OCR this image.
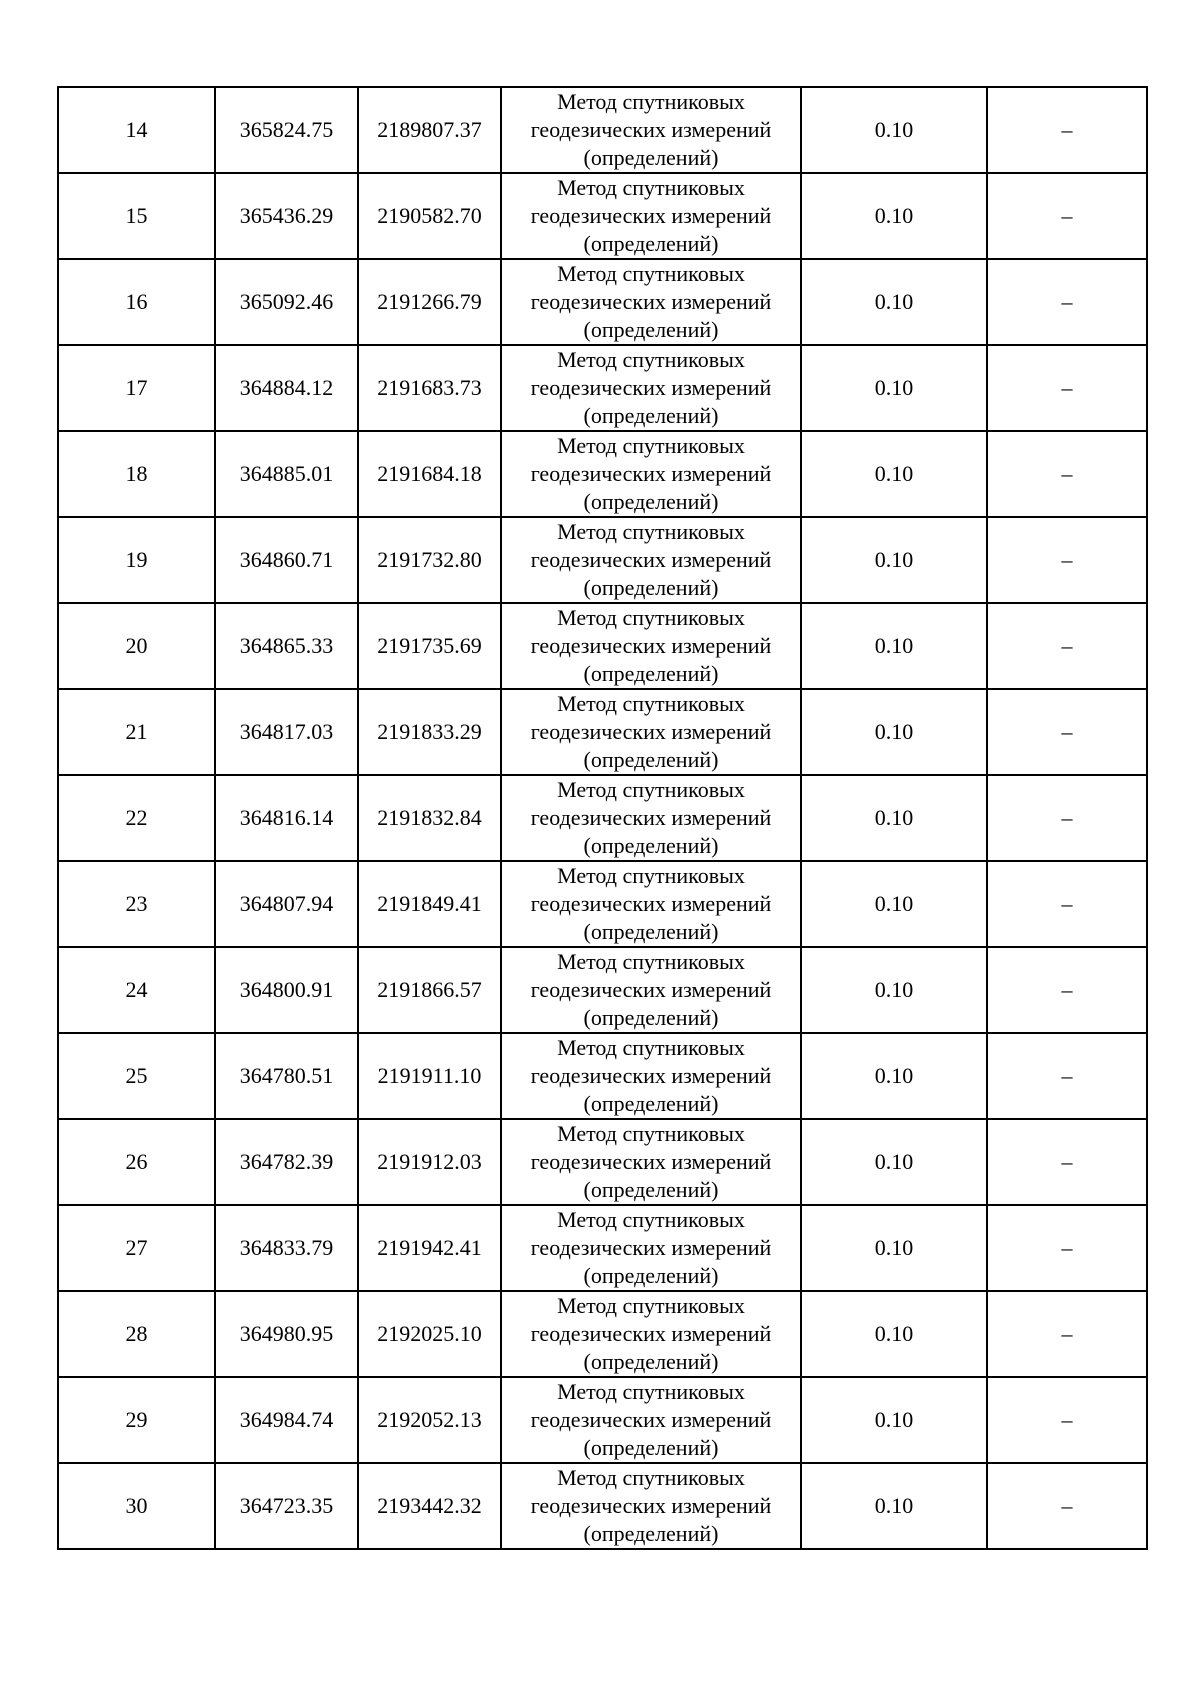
14	365824.75	2189807.37	Метод спутниковых
геодезических измерений
(определений)	0.10	–
15	365436.29	2190582.70	Метод спутниковых
геодезических измерений
(определений)	0.10	–
16	365092.46	2191266.79	Метод спутниковых
геодезических измерений
(определений)	0.10	–
17	364884.12	2191683.73	Метод спутниковых
геодезических измерений
(определений)	0.10	–
18	364885.01	2191684.18	Метод спутниковых
геодезических измерений
(определений)	0.10	–
19	364860.71	2191732.80	Метод спутниковых
геодезических измерений
(определений)	0.10	–
20	364865.33	2191735.69	Метод спутниковых
геодезических измерений
(определений)	0.10	–
21	364817.03	2191833.29	Метод спутниковых
геодезических измерений
(определений)	0.10	–
22	364816.14	2191832.84	Метод спутниковых
геодезических измерений
(определений)	0.10	–
23	364807.94	2191849.41	Метод спутниковых
геодезических измерений
(определений)	0.10	–
24	364800.91	2191866.57	Метод спутниковых
геодезических измерений
(определений)	0.10	–
25	364780.51	2191911.10	Метод спутниковых
геодезических измерений
(определений)	0.10	–
26	364782.39	2191912.03	Метод спутниковых
геодезических измерений
(определений)	0.10	–
27	364833.79	2191942.41	Метод спутниковых
геодезических измерений
(определений)	0.10	–
28	364980.95	2192025.10	Метод спутниковых
геодезических измерений
(определений)	0.10	–
29	364984.74	2192052.13	Метод спутниковых
геодезических измерений
(определений)	0.10	–
30	364723.35	2193442.32	Метод спутниковых
геодезических измерений
(определений)	0.10	–
